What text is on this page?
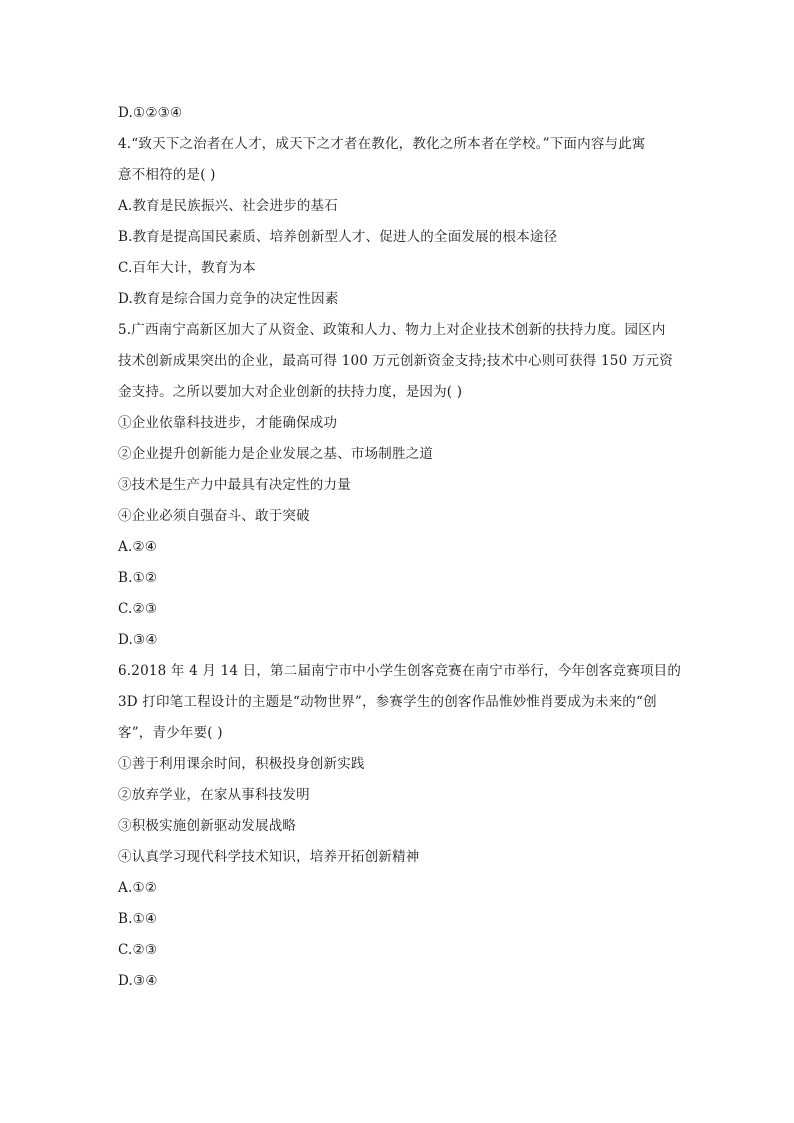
D.①②③④
4.“致天下之治者在人才，成天下之才者在教化，教化之所本者在学校。”下面内容与此寓
意不相符的是( )
A.教育是民族振兴、社会进步的基石
B.教育是提高国民素质、培养创新型人才、促进人的全面发展的根本途径
C.百年大计，教育为本
D.教育是综合国力竞争的决定性因素
5.广西南宁高新区加大了从资金、政策和人力、物力上对企业技术创新的扶持力度。园区内
技术创新成果突出的企业，最高可得 100 万元创新资金支持;技术中心则可获得 150 万元资
金支持。之所以要加大对企业创新的扶持力度，是因为( )
①企业依靠科技进步，才能确保成功
②企业提升创新能力是企业发展之基、市场制胜之道
③技术是生产力中最具有决定性的力量
④企业必须自强奋斗、敢于突破
A.②④
B.①②
C.②③
D.③④
6.2018 年 4 月 14 日，第二届南宁市中小学生创客竞赛在南宁市举行，今年创客竞赛项目的
3D 打印笔工程设计的主题是“动物世界”，参赛学生的创客作品惟妙惟肖要成为未来的“创
客”，青少年要( )
①善于利用课余时间，积极投身创新实践
②放弃学业，在家从事科技发明
③积极实施创新驱动发展战略
④认真学习现代科学技术知识，培养开拓创新精神
A.①②
B.①④
C.②③
D.③④
